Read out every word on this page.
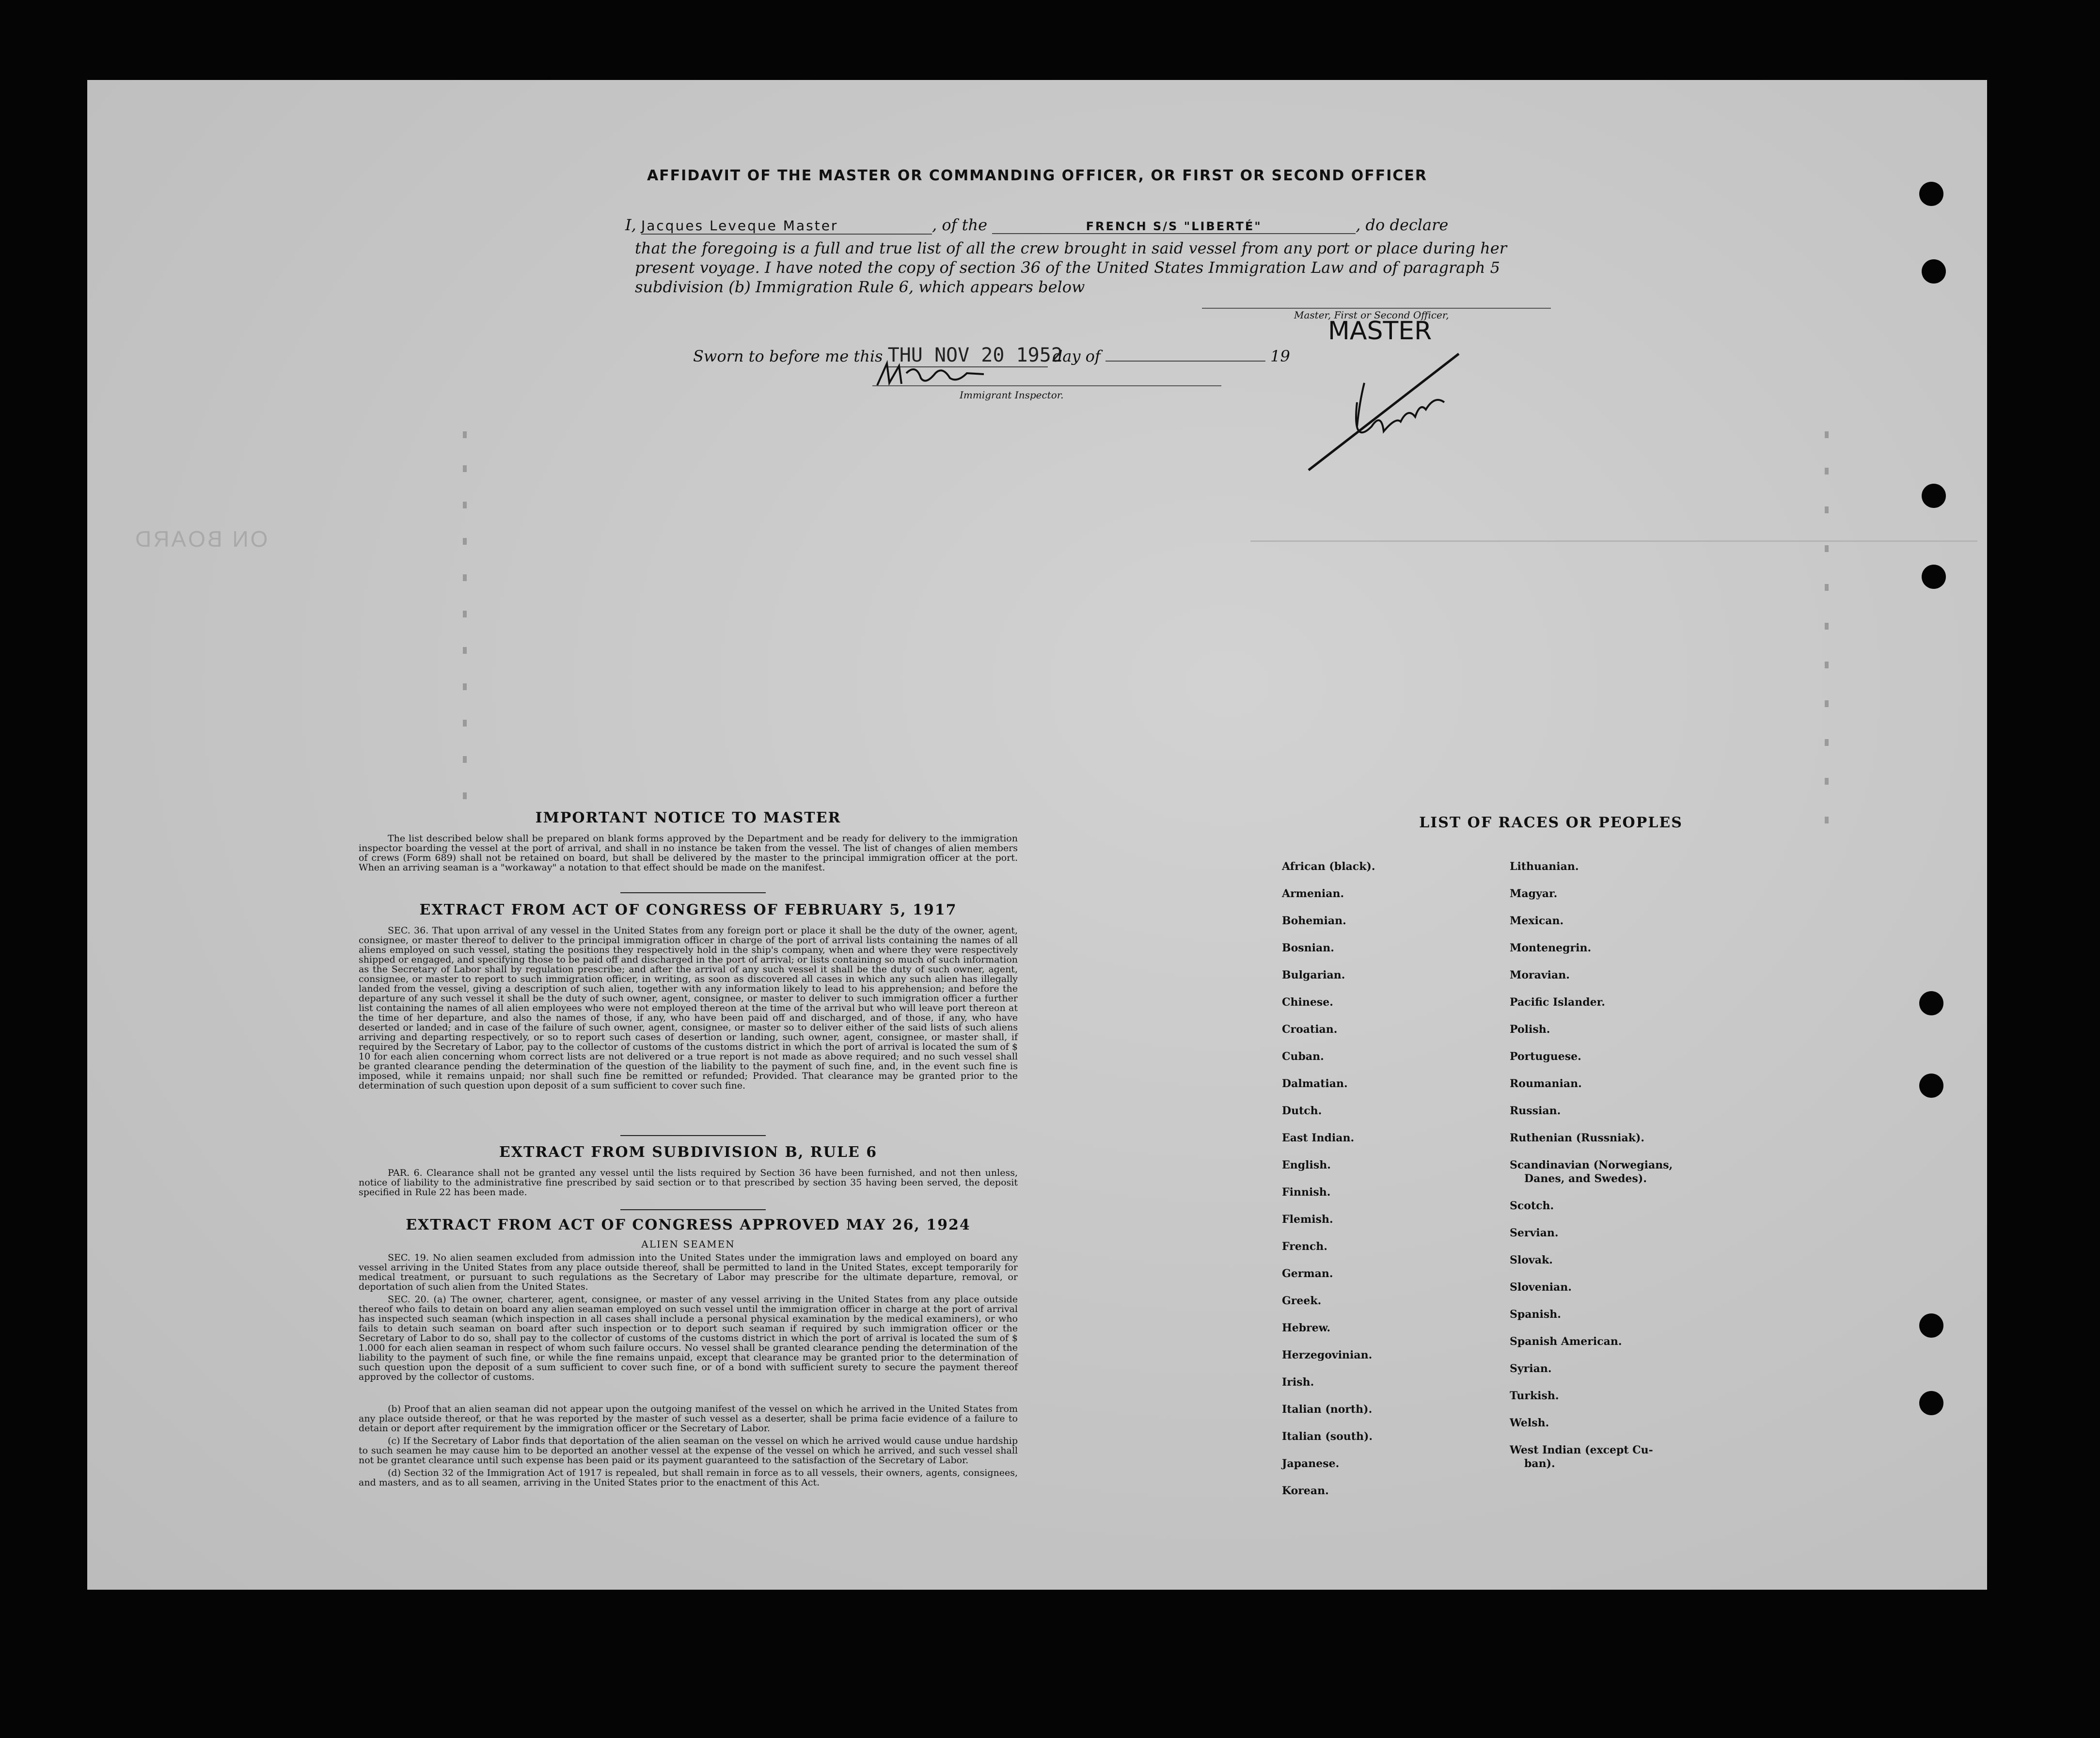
ON BOARD
AFFIDAVIT OF THE MASTER OR COMMANDING OFFICER, OR FIRST OR SECOND OFFICER
I, Jacques Leveque Master	, of the	FRENCH S/S "LIBERTÉ"	, do declare
that the foregoing is a full and true list of all the crew brought in said vessel from any port or place during her
present voyage. I have noted the copy of section 36 of the United States Immigration Law and of paragraph 5
subdivision (b) Immigration Rule 6, which appears below
Master, First or Second Officer,
MASTER
Sworn to before me this THU NOV 20 1952 day of	19
Immigrant Inspector.
IMPORTANT NOTICE TO MASTER

The list described below shall be prepared on blank forms approved by the Department and be ready for delivery to the immigration inspector boarding the vessel at the port of arrival, and shall in no instance be taken from the vessel. The list of changes of alien members of crews (Form 689) shall not be retained on board, but shall be delivered by the master to the principal immigration officer at the port. When an arriving seaman is a "workaway" a notation to that effect should be made on the manifest.

EXTRACT FROM ACT OF CONGRESS OF FEBRUARY 5, 1917

SEC. 36. That upon arrival of any vessel in the United States from any foreign port or place it shall be the duty of the owner, agent, consignee, or master thereof to deliver to the principal immigration officer in charge of the port of arrival lists containing the names of all aliens employed on such vessel, stating the positions they respectively hold in the ship's company, when and where they were respectively shipped or engaged, and specifying those to be paid off and discharged in the port of arrival; or lists containing so much of such information as the Secretary of Labor shall by regulation prescribe; and after the arrival of any such vessel it shall be the duty of such owner, agent, consignee, or master to report to such immigration officer, in writing, as soon as discovered all cases in which any such alien has illegally landed from the vessel, giving a description of such alien, together with any information likely to lead to his apprehension; and before the departure of any such vessel it shall be the duty of such owner, agent, consignee, or master to deliver to such immigration officer a further list containing the names of all alien employees who were not employed thereon at the time of the arrival but who will leave port thereon at the time of her departure, and also the names of those, if any, who have been paid off and discharged, and of those, if any, who have deserted or landed; and in case of the failure of such owner, agent, consignee, or master so to deliver either of the said lists of such aliens arriving and departing respectively, or so to report such cases of desertion or landing, such owner, agent, consignee, or master shall, if required by the Secretary of Labor, pay to the collector of customs of the customs district in which the port of arrival is located the sum of $ 10 for each alien concerning whom correct lists are not delivered or a true report is not made as above required; and no such vessel shall be granted clearance pending the determination of the question of the liability to the payment of such fine, and, in the event such fine is imposed, while it remains unpaid; nor shall such fine be remitted or refunded; Provided. That clearance may be granted prior to the determination of such question upon deposit of a sum sufficient to cover such fine.

EXTRACT FROM SUBDIVISION B, RULE 6

PAR. 6. Clearance shall not be granted any vessel until the lists required by Section 36 have been furnished, and not then unless, notice of liability to the administrative fine prescribed by said section or to that prescribed by section 35 having been served, the deposit specified in Rule 22 has been made.

EXTRACT FROM ACT OF CONGRESS APPROVED MAY 26, 1924
ALIEN SEAMEN

SEC. 19. No alien seamen excluded from admission into the United States under the immigration laws and employed on board any vessel arriving in the United States from any place outside thereof, shall be permitted to land in the United States, except temporarily for medical treatment, or pursuant to such regulations as the Secretary of Labor may prescribe for the ultimate departure, removal, or deportation of such alien from the United States.

SEC. 20. (a) The owner, charterer, agent, consignee, or master of any vessel arriving in the United States from any place outside thereof who fails to detain on board any alien seaman employed on such vessel until the immigration officer in charge at the port of arrival has inspected such seaman (which inspection in all cases shall include a personal physical examination by the medical examiners), or who fails to detain such seaman on board after such inspection or to deport such seaman if required by such immigration officer or the Secretary of Labor to do so, shall pay to the collector of customs of the customs district in which the port of arrival is located the sum of $ 1.000 for each alien seaman in respect of whom such failure occurs. No vessel shall be granted clearance pending the determination of the liability to the payment of such fine, or while the fine remains unpaid, except that clearance may be granted prior to the determination of such question upon the deposit of a sum sufficient to cover such fine, or of a bond with sufficient surety to secure the payment thereof approved by the collector of customs.

(b) Proof that an alien seaman did not appear upon the outgoing manifest of the vessel on which he arrived in the United States from any place outside thereof, or that he was reported by the master of such vessel as a deserter, shall be prima facie evidence of a failure to detain or deport after requirement by the immigration officer or the Secretary of Labor.

(c) If the Secretary of Labor finds that deportation of the alien seaman on the vessel on which he arrived would cause undue hardship to such seamen he may cause him to be deported an another vessel at the expense of the vessel on which he arrived, and such vessel shall not be grantet clearance until such expense has been paid or its payment guaranteed to the satisfaction of the Secretary of Labor.

(d) Section 32 of the Immigration Act of 1917 is repealed, but shall remain in force as to all vessels, their owners, agents, consignees, and masters, and as to all seamen, arriving in the United States prior to the enactment of this Act.

LIST OF RACES OR PEOPLES
African (black).
Armenian.
Bohemian.
Bosnian.
Bulgarian.
Chinese.
Croatian.
Cuban.
Dalmatian.
Dutch.
East Indian.
English.
Finnish.
Flemish.
French.
German.
Greek.
Hebrew.
Herzegovinian.
Irish.
Italian (north).
Italian (south).
Japanese.
Korean.
Lithuanian.
Magyar.
Mexican.
Montenegrin.
Moravian.
Pacific Islander.
Polish.
Portuguese.
Roumanian.
Russian.
Ruthenian (Russniak).
Scandinavian (Norwegians,
Danes, and Swedes).
Scotch.
Servian.
Slovak.
Slovenian.
Spanish.
Spanish American.
Syrian.
Turkish.
Welsh.
West Indian (except Cu-
ban).
